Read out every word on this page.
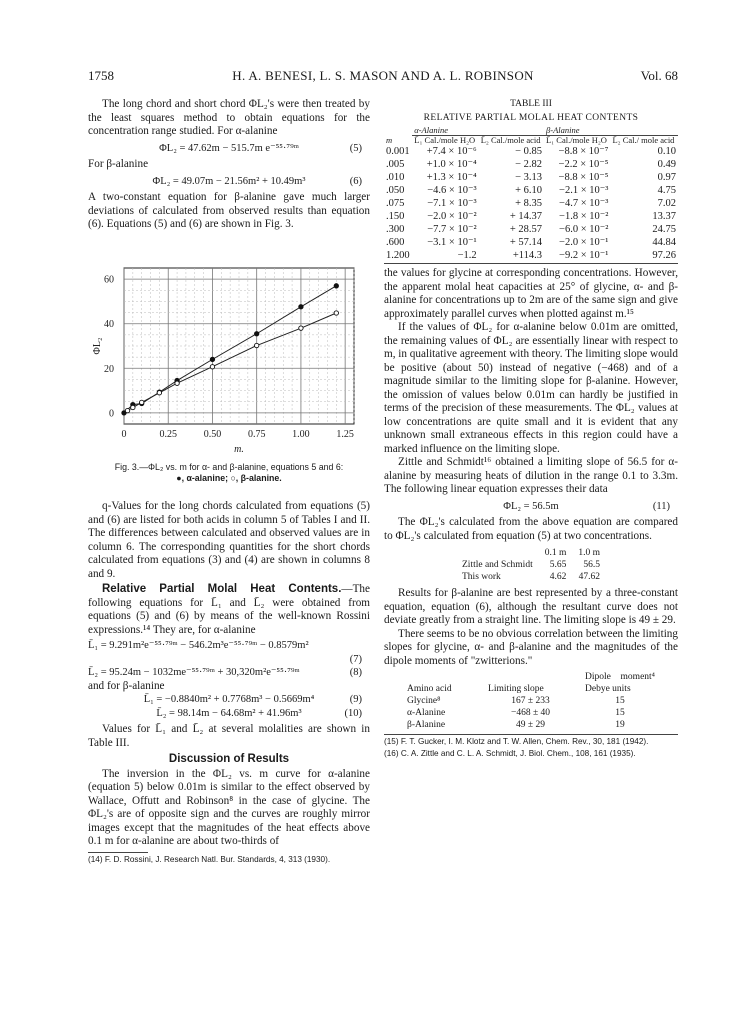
1758	H. A. BENESI, L. S. MASON AND A. L. ROBINSON	Vol. 68

The long chord and short chord ΦL₂'s were then treated by the least squares method to obtain equations for the concentration range studied. For α-alanine

ΦL₂ = 47.62m − 515.7m e⁻⁵⁵·⁷⁹ᵐ	(5)

For β-alanine

ΦL₂ = 49.07m − 21.56m² + 10.49m³	(6)

A two-constant equation for β-alanine gave much larger deviations of calculated from observed results than equation (6). Equations (5) and (6) are shown in Fig. 3.

0	0.25	0.50	0.75	1.00	1.25
0
20
40
60
m.
ΦL₂
Fig. 3.—ΦL₂ vs. m for α- and β-alanine, equations 5 and 6:
●, α-alanine; ○, β-alanine.

q-Values for the long chords calculated from equations (5) and (6) are listed for both acids in column 5 of Tables I and II. The differences between calculated and observed values are in column 6. The corresponding quantities for the short chords calculated from equations (3) and (4) are shown in columns 8 and 9.

Relative Partial Molal Heat Contents.—The following equations for L̄₁ and L̄₂ were obtained from equations (5) and (6) by means of the well-known Rossini expressions.¹⁴ They are, for α-alanine

L̄₁ = 9.291m²e⁻⁵⁵·⁷⁹ᵐ − 546.2m³e⁻⁵⁵·⁷⁹ᵐ − 0.8579m²

(7)

L̄₂ = 95.24m − 1032me⁻⁵⁵·⁷⁹ᵐ + 30,320m²e⁻⁵⁵·⁷⁹ᵐ	(8)

and for β-alanine

L̄₁ = −0.8840m² + 0.7768m³ − 0.5669m⁴	(9)

L̄₂ = 98.14m − 64.68m² + 41.96m³	(10)

Values for L̄₁ and L̄₂ at several molalities are shown in Table III.

Discussion of Results

The inversion in the ΦL₂ vs. m curve for α-alanine (equation 5) below 0.01m is similar to the effect observed by Wallace, Offutt and Robinson⁸ in the case of glycine. The ΦL₂'s are of opposite sign and the curves are roughly mirror images except that the magnitudes of the heat effects above 0.1 m for α-alanine are about two-thirds of

(14) F. D. Rossini, J. Research Natl. Bur. Standards, 4, 313 (1930).

TABLE III

RELATIVE PARTIAL MOLAL HEAT CONTENTS

	α-Alanine		β-Alanine	
m	L̄₁ Cal./mole H₂O	L̄₂ Cal./mole acid	L̄₁ Cal./mole H₂O	L̄₂ Cal./ mole acid
0.001	+7.4 × 10⁻⁶	− 0.85	−8.8 × 10⁻⁷	0.10
.005	+1.0 × 10⁻⁴	− 2.82	−2.2 × 10⁻⁵	0.49
.010	+1.3 × 10⁻⁴	− 3.13	−8.8 × 10⁻⁵	0.97
.050	−4.6 × 10⁻³	+ 6.10	−2.1 × 10⁻³	4.75
.075	−7.1 × 10⁻³	+ 8.35	−4.7 × 10⁻³	7.02
.150	−2.0 × 10⁻²	+ 14.37	−1.8 × 10⁻²	13.37
.300	−7.7 × 10⁻²	+ 28.57	−6.0 × 10⁻²	24.75
.600	−3.1 × 10⁻¹	+ 57.14	−2.0 × 10⁻¹	44.84
1.200	−1.2	+114.3	−9.2 × 10⁻¹	97.26

the values for glycine at corresponding concentrations. However, the apparent molal heat capacities at 25° of glycine, α- and β-alanine for concentrations up to 2m are of the same sign and give approximately parallel curves when plotted against m.¹⁵

If the values of ΦL₂ for α-alanine below 0.01m are omitted, the remaining values of ΦL₂ are essentially linear with respect to m, in qualitative agreement with theory. The limiting slope would be positive (about 50) instead of negative (−468) and of a magnitude similar to the limiting slope for β-alanine. However, the omission of values below 0.01m can hardly be justified in terms of the precision of these measurements. The ΦL₂ values at low concentrations are quite small and it is evident that any unknown small extraneous effects in this region could have a marked influence on the limiting slope.

Zittle and Schmidt¹⁶ obtained a limiting slope of 56.5 for α-alanine by measuring heats of dilution in the range 0.1 to 3.3m. The following linear equation expresses their data

ΦL₂ = 56.5m	(11)

The ΦL₂'s calculated from the above equation are compared to ΦL₂'s calculated from equation (5) at two concentrations.

	0.1 m	1.0 m
Zittle and Schmidt	5.65	56.5
This work	4.62	47.62

Results for β-alanine are best represented by a three-constant equation, equation (6), although the resultant curve does not deviate greatly from a straight line. The limiting slope is 49 ± 29.

There seems to be no obvious correlation between the limiting slopes for glycine, α- and β-alanine and the magnitudes of the dipole moments of "zwitterions."

Amino acid	Limiting slope	Dipole moment⁴ Debye units
Glycine⁸	167 ± 233	15
α-Alanine	−468 ± 40	15
β-Alanine	49 ± 29	19

(15) F. T. Gucker, I. M. Klotz and T. W. Allen, Chem. Rev., 30, 181 (1942).

(16) C. A. Zittle and C. L. A. Schmidt, J. Biol. Chem., 108, 161 (1935).
